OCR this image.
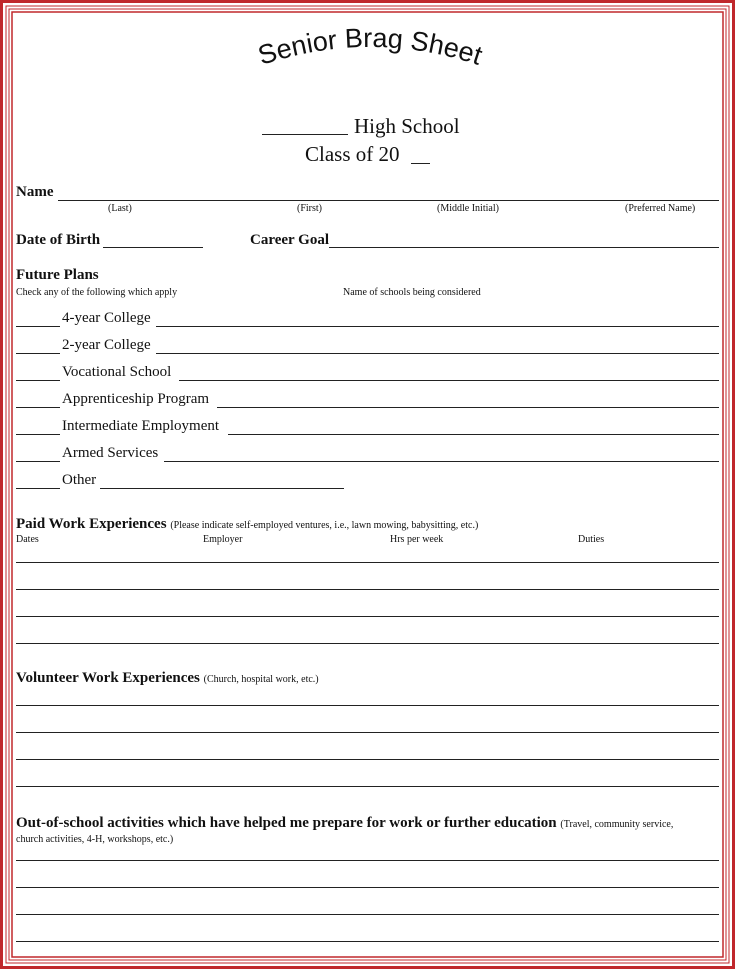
Senior Brag Sheet
High School
Class of 20
Name
(Last)	(First)	(Middle Initial)	(Preferred Name)
Date of Birth	Career Goal
Future Plans
Check any of the following which apply	Name of schools being considered
4-year College
2-year College
Vocational School
Apprenticeship Program
Intermediate Employment
Armed Services
Other
Paid Work Experiences (Please indicate self-employed ventures, i.e., lawn mowing, babysitting, etc.)
Dates	Employer	Hrs per week	Duties
Volunteer Work Experiences (Church, hospital work, etc.)
Out-of-school activities which have helped me prepare for work or further education (Travel, community service,
church activities, 4-H, workshops, etc.)
